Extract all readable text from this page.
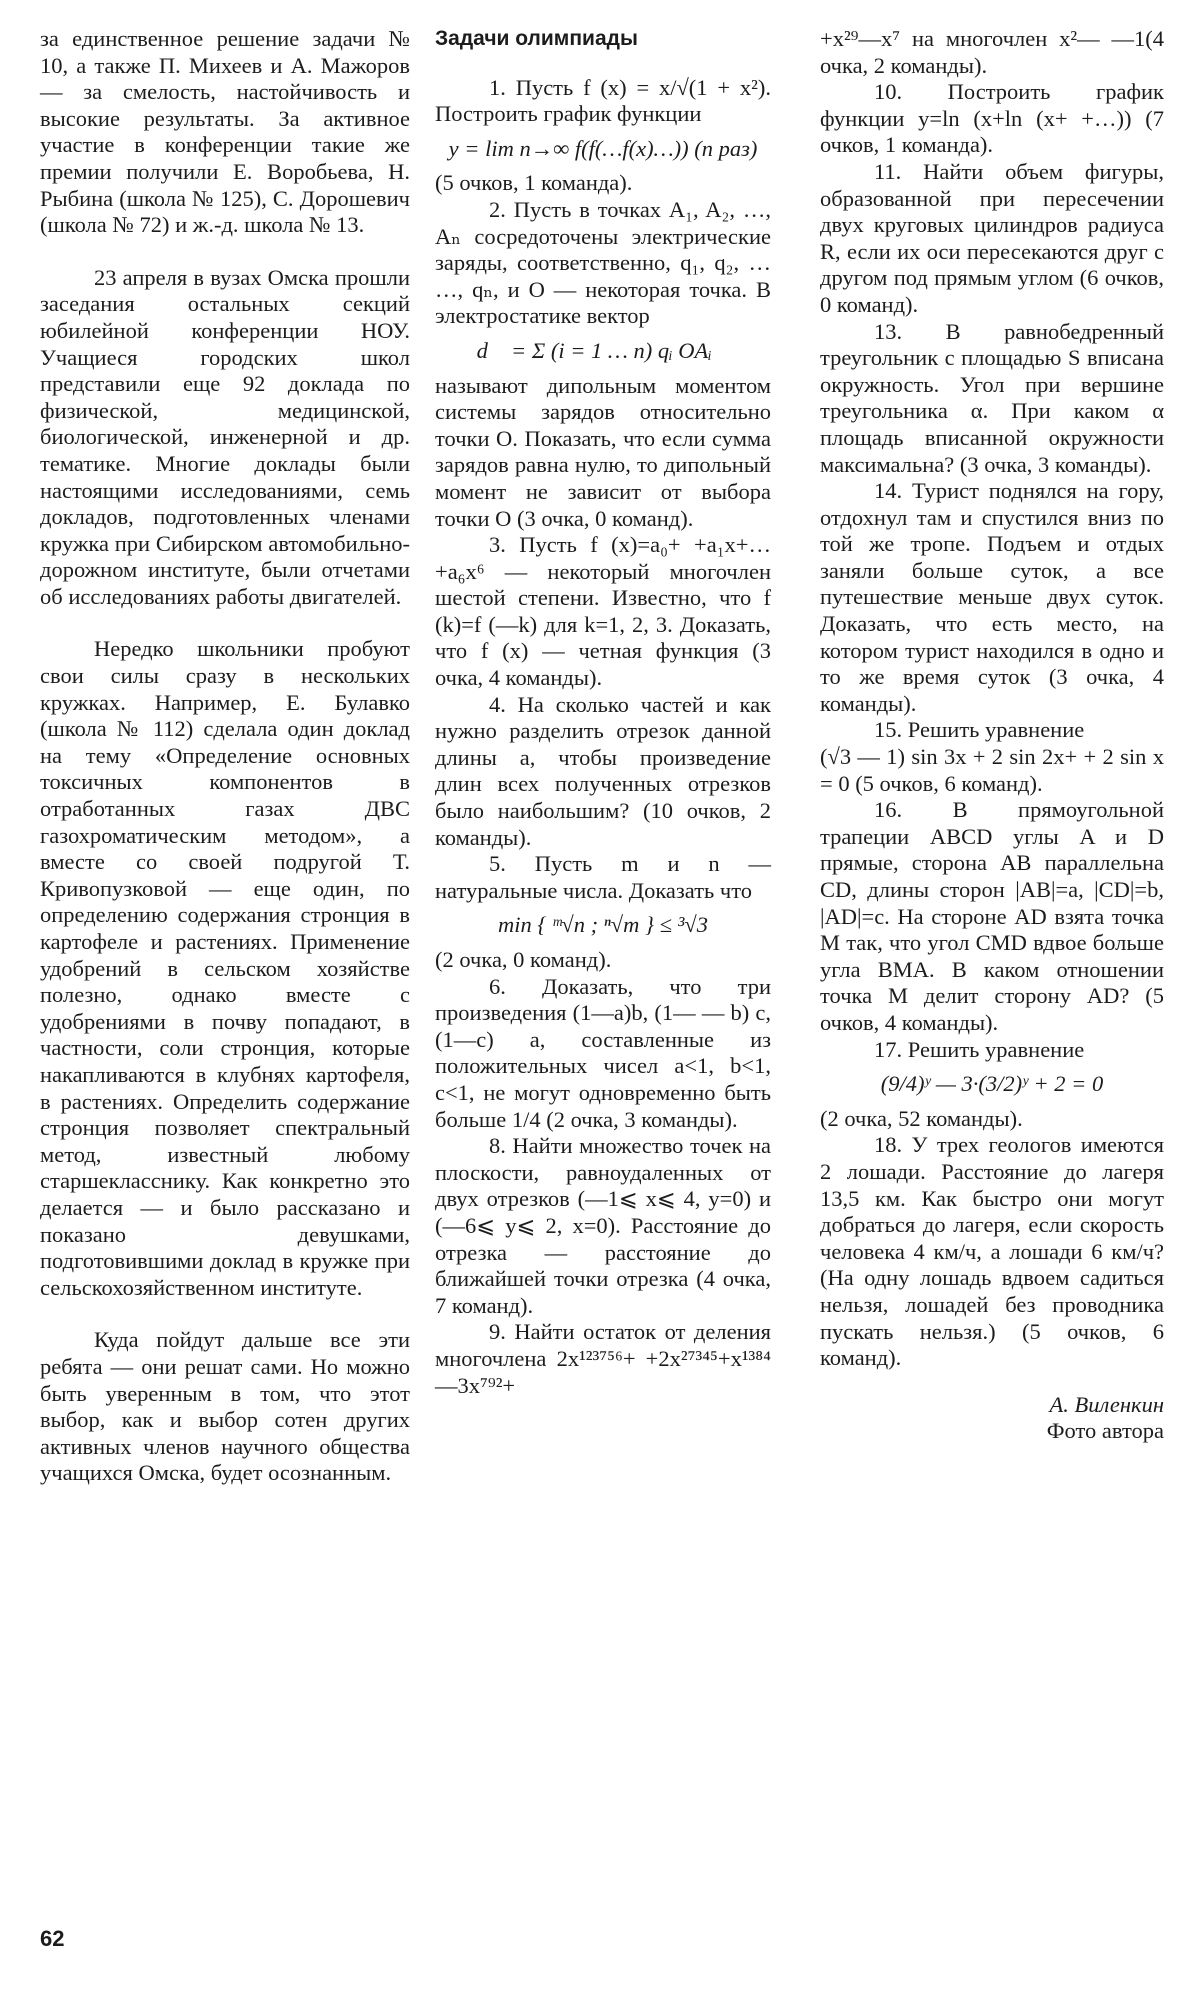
за единственное решение задачи № 10, а также П. Михеев и А. Мажоров — за смелость, настойчивость и высокие результаты. За активное участие в конференции такие же премии получили Е. Воробьева, Н. Рыбина (школа № 125), С. Дорошевич (школа № 72) и ж.-д. школа № 13.

23 апреля в вузах Омска прошли заседания остальных секций юбилейной конференции НОУ. Учащиеся городских школ представили еще 92 доклада по физической, медицинской, биологической, инженерной и др. тематике. Многие доклады были настоящими исследованиями, семь докладов, подготовленных членами кружка при Сибирском автомобильно-дорожном институте, были отчетами об исследованиях работы двигателей.

Нередко школьники пробуют свои силы сразу в нескольких кружках. Например, Е. Булавко (школа № 112) сделала один доклад на тему «Определение основных токсичных компонентов в отработанных газах ДВС газохроматическим методом», а вместе со своей подругой Т. Кривопузковой — еще один, по определению содержания стронция в картофеле и растениях. Применение удобрений в сельском хозяйстве полезно, однако вместе с удобрениями в почву попадают, в частности, соли стронция, которые накапливаются в клубнях картофеля, в растениях. Определить содержание стронция позволяет спектральный метод, известный любому старшекласснику. Как конкретно это делается — и было рассказано и показано девушками, подготовившими доклад в кружке при сельскохозяйственном институте.

Куда пойдут дальше все эти ребята — они решат сами. Но можно быть уверенным в том, что этот выбор, как и выбор сотен других активных членов научного общества учащихся Омска, будет осознанным.

Задачи олимпиады

1. Пусть f (x) = x/√(1 + x²). Построить график функции

y = lim n→∞ f(f(…f(x)…)) (n раз)

(5 очков, 1 команда).

2. Пусть в точках A₁, A₂, …, Aₙ сосредоточены электрические заряды, соответственно, q₁, q₂, … …, qₙ, и O — некоторая точка. В электростатике вектор

d⃗ = Σ (i = 1 … n) qᵢ OAᵢ⃗

называют дипольным моментом системы зарядов относительно точки O. Показать, что если сумма зарядов равна нулю, то дипольный момент не зависит от выбора точки O (3 очка, 0 команд).

3. Пусть f (x)=a₀+ +a₁x+…+a₆x⁶ — некоторый многочлен шестой степени. Известно, что f (k)=f (—k) для k=1, 2, 3. Доказать, что f (x) — четная функция (3 очка, 4 команды).

4. На сколько частей и как нужно разделить отрезок данной длины a, чтобы произведение длин всех полученных отрезков было наибольшим? (10 очков, 2 команды).

5. Пусть m и n — натуральные числа. Доказать что

min { ᵐ√n ; ⁿ√m } ≤ ³√3

(2 очка, 0 команд).

6. Доказать, что три произведения (1—a)b, (1— — b) c, (1—c) a, составленные из положительных чисел a<1, b<1, c<1, не могут одновременно быть больше 1/4 (2 очка, 3 команды).

8. Найти множество точек на плоскости, равноудаленных от двух отрезков (—1⩽ x⩽ 4, y=0) и (—6⩽ y⩽ 2, x=0). Расстояние до отрезка — расстояние до ближайшей точки отрезка (4 очка, 7 команд).

9. Найти остаток от деления многочлена 2x¹²³⁷⁵⁶+ +2x²⁷³⁴⁵+x¹³⁸⁴—3x⁷⁹²+

+x²⁹—x⁷ на многочлен x²— —1(4 очка, 2 команды).

10. Построить график функции y=ln (x+ln (x+ +…)) (7 очков, 1 команда).

11. Найти объем фигуры, образованной при пересечении двух круговых цилиндров радиуса R, если их оси пересекаются друг с другом под прямым углом (6 очков, 0 команд).

13. В равнобедренный треугольник с площадью S вписана окружность. Угол при вершине треугольника α. При каком α площадь вписанной окружности максимальна? (3 очка, 3 команды).

14. Турист поднялся на гору, отдохнул там и спустился вниз по той же тропе. Подъем и отдых заняли больше суток, а все путешествие меньше двух суток. Доказать, что есть место, на котором турист находился в одно и то же время суток (3 очка, 4 команды).

15. Решить уравнение

(√3 — 1) sin 3x + 2 sin 2x+ + 2 sin x = 0 (5 очков, 6 команд).

16. В прямоугольной трапеции ABCD углы A и D прямые, сторона AB параллельна CD, длины сторон |AB|=a, |CD|=b, |AD|=c. На стороне AD взята точка M так, что угол CMD вдвое больше угла BMA. В каком отношении точка M делит сторону AD? (5 очков, 4 команды).

17. Решить уравнение

(9/4)ʸ — 3·(3/2)ʸ + 2 = 0

(2 очка, 52 команды).

18. У трех геологов имеются 2 лошади. Расстояние до лагеря 13,5 км. Как быстро они могут добраться до лагеря, если скорость человека 4 км/ч, а лошади 6 км/ч? (На одну лошадь вдвоем садиться нельзя, лошадей без проводника пускать нельзя.) (5 очков, 6 команд).

А. Виленкин

Фото автора

62
